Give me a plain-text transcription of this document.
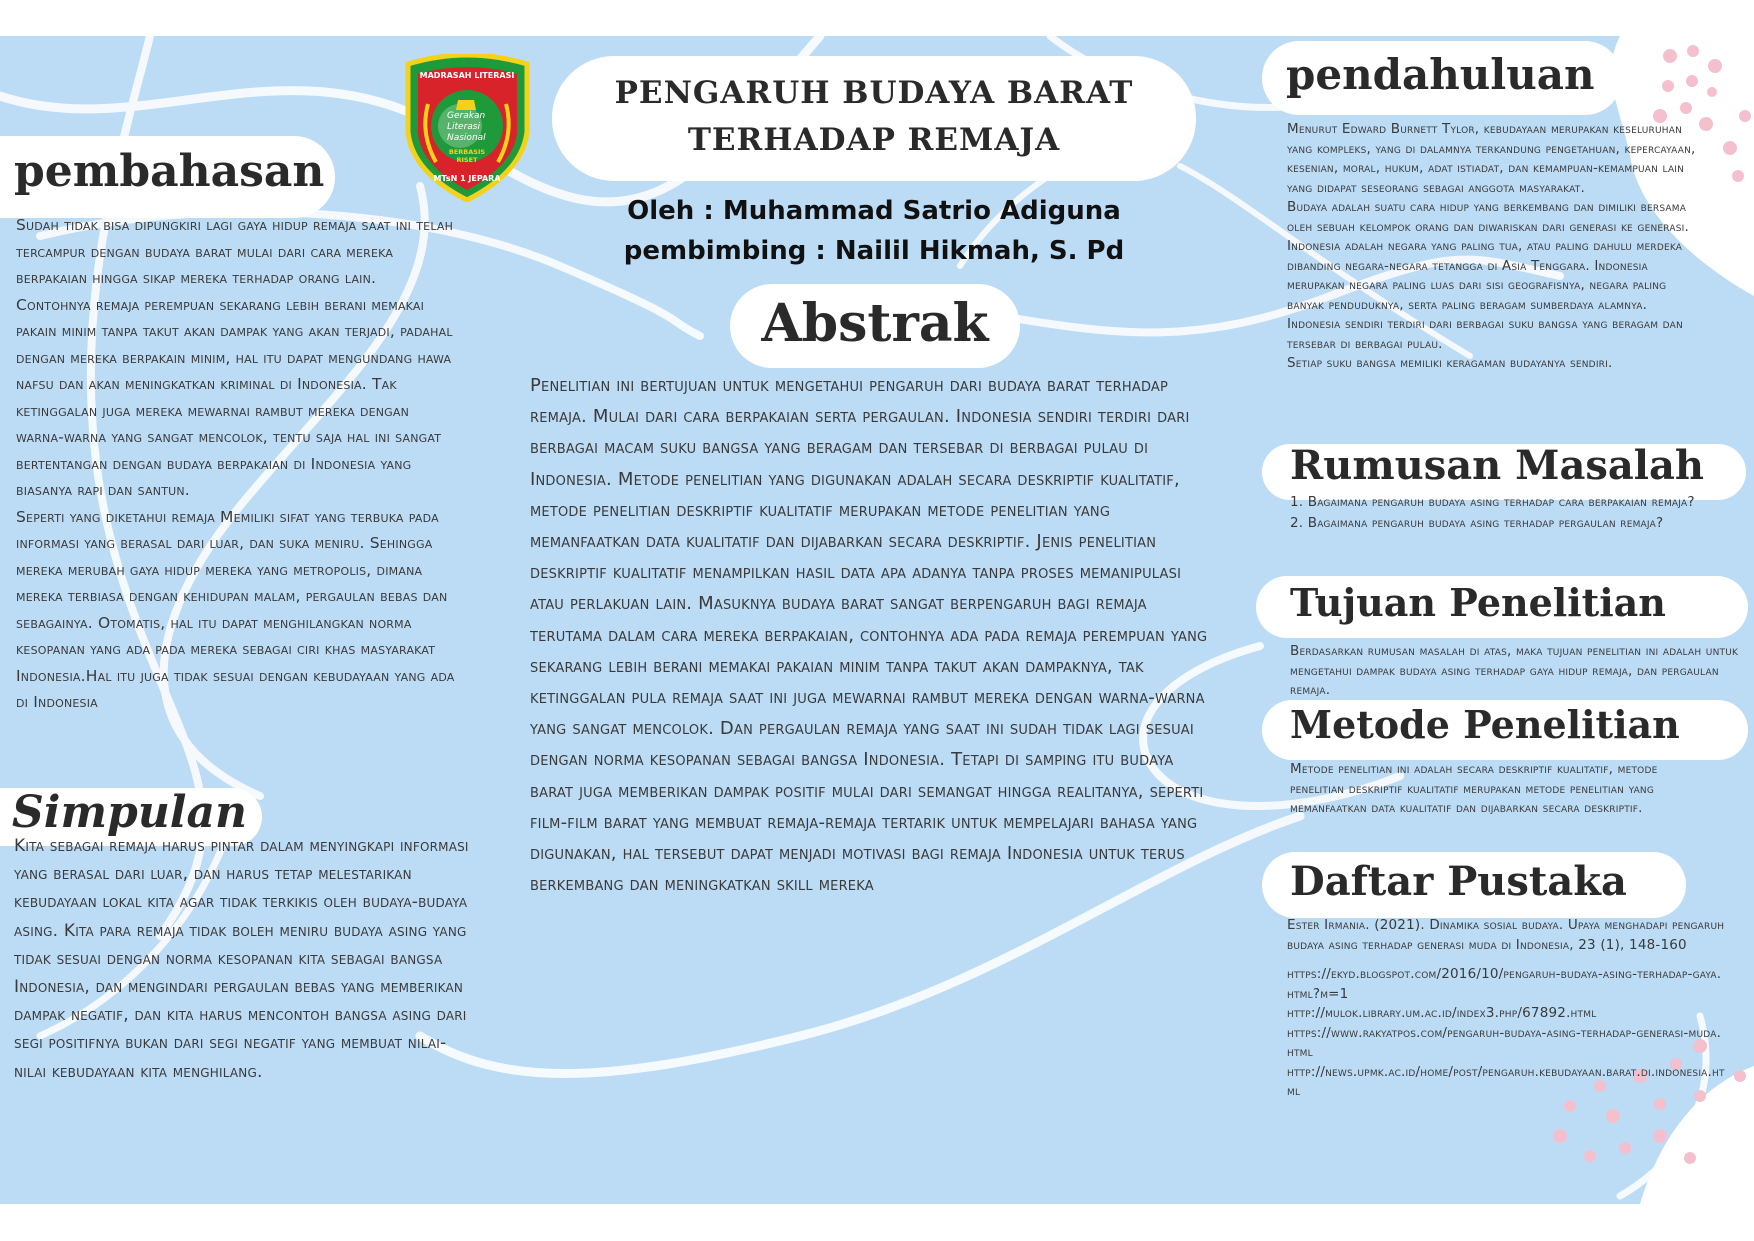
MADRASAH LITERASI
Gerakan
Literasi
Nasional
BERBASIS
RISET
MTsN 1 JEPARA
PENGARUH BUDAYA BARAT
TERHADAP REMAJA
Oleh : Muhammad Satrio Adiguna
pembimbing : Nailil Hikmah, S. Pd
Abstrak
Penelitian ini bertujuan untuk mengetahui pengaruh dari budaya barat terhadap remaja. Mulai dari cara berpakaian serta pergaulan. Indonesia sendiri terdiri dari berbagai macam suku bangsa yang beragam dan tersebar di berbagai pulau di Indonesia. Metode penelitian yang digunakan adalah secara deskriptif kualitatif, metode penelitian deskriptif kualitatif merupakan metode penelitian yang memanfaatkan data kualitatif dan dijabarkan secara deskriptif. Jenis penelitian deskriptif kualitatif menampilkan hasil data apa adanya tanpa proses memanipulasi atau perlakuan lain. Masuknya budaya barat sangat berpengaruh bagi remaja terutama dalam cara mereka berpakaian, contohnya ada pada remaja perempuan yang sekarang lebih berani memakai pakaian minim tanpa takut akan dampaknya, tak ketinggalan pula remaja saat ini juga mewarnai rambut mereka dengan warna-warna yang sangat mencolok. Dan pergaulan remaja yang saat ini sudah tidak lagi sesuai dengan norma kesopanan sebagai bangsa Indonesia. Tetapi di samping itu budaya barat juga memberikan dampak positif mulai dari semangat hingga realitanya, seperti film-film barat yang membuat remaja-remaja tertarik untuk mempelajari bahasa yang digunakan, hal tersebut dapat menjadi motivasi bagi remaja Indonesia untuk terus berkembang dan meningkatkan skill mereka
pembahasan

Sudah tidak bisa dipungkiri lagi gaya hidup remaja saat ini telah tercampur dengan budaya barat mulai dari cara mereka berpakaian hingga sikap mereka terhadap orang lain. Contohnya remaja perempuan sekarang lebih berani memakai pakain minim tanpa takut akan dampak yang akan terjadi, padahal dengan mereka berpakain minim, hal itu dapat mengundang hawa nafsu dan akan meningkatkan kriminal di Indonesia. Tak ketinggalan juga mereka mewarnai rambut mereka dengan warna-warna yang sangat mencolok, tentu saja hal ini sangat bertentangan dengan budaya berpakaian di Indonesia yang biasanya rapi dan santun.

Seperti yang diketahui remaja Memiliki sifat yang terbuka pada informasi yang berasal dari luar, dan suka meniru. Sehingga mereka merubah gaya hidup mereka yang metropolis, dimana mereka terbiasa dengan kehidupan malam, pergaulan bebas dan sebagainya. Otomatis, hal itu dapat menghilangkan norma kesopanan yang ada pada mereka sebagai ciri khas masyarakat Indonesia.Hal itu juga tidak sesuai dengan kebudayaan yang ada di Indonesia

Simpulan
Kita sebagai remaja harus pintar dalam menyingkapi informasi yang berasal dari luar, dan harus tetap melestarikan kebudayaan lokal kita agar tidak terkikis oleh budaya-budaya asing. Kita para remaja tidak boleh meniru budaya asing yang tidak sesuai dengan norma kesopanan kita sebagai bangsa Indonesia, dan mengindari pergaulan bebas yang memberikan dampak negatif, dan kita harus mencontoh bangsa asing dari segi positifnya bukan dari segi negatif yang membuat nilai-nilai kebudayaan kita menghilang.
pendahuluan

Menurut Edward Burnett Tylor, kebudayaan merupakan keseluruhan yang kompleks, yang di dalamnya terkandung pengetahuan, kepercayaan, kesenian, moral, hukum, adat istiadat, dan kemampuan-kemampuan lain yang didapat seseorang sebagai anggota masyarakat.

Budaya adalah suatu cara hidup yang berkembang dan dimiliki bersama oleh sebuah kelompok orang dan diwariskan dari generasi ke generasi.

Indonesia adalah negara yang paling tua, atau paling dahulu merdeka dibanding negara-negara tetangga di Asia Tenggara. Indonesia merupakan negara paling luas dari sisi geografisnya, negara paling banyak penduduknya, serta paling beragam sumberdaya alamnya. Indonesia sendiri terdiri dari berbagai suku bangsa yang beragam dan tersebar di berbagai pulau.

Setiap suku bangsa memiliki keragaman budayanya sendiri.

Rumusan Masalah

1. Bagaimana pengaruh budaya asing terhadap cara berpakaian remaja?

2. Bagaimana pengaruh budaya asing terhadap pergaulan remaja?

Tujuan Penelitian
Berdasarkan rumusan masalah di atas, maka tujuan penelitian ini adalah untuk mengetahui dampak budaya asing terhadap gaya hidup remaja, dan pergaulan remaja.
Metode Penelitian
Metode penelitian ini adalah secara deskriptif kualitatif, metode penelitian deskriptif kualitatif merupakan metode penelitian yang memanfaatkan data kualitatif dan dijabarkan secara deskriptif.
Daftar Pustaka

Ester Irmania. (2021). Dinamika sosial budaya. Upaya menghadapi pengaruh budaya asing terhadap generasi muda di Indonesia, 23 (1), 148-160

https://ekyd.blogspot.com/2016/10/pengaruh-budaya-asing-terhadap-gaya.html?m=1

http://mulok.library.um.ac.id/index3.php/67892.html

https://www.rakyatpos.com/pengaruh-budaya-asing-terhadap-generasi-muda.html

http://news.upmk.ac.id/home/post/pengaruh.kebudayaan.barat.di.indonesia.html
